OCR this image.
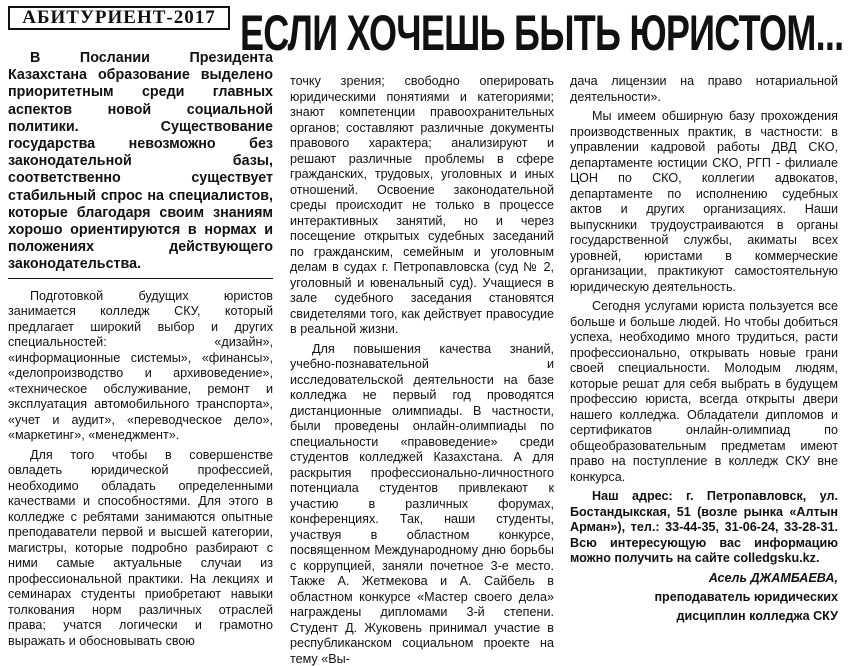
АБИТУРИЕНТ-2017 ЕСЛИ ХОЧЕШЬ БЫТЬ ЮРИСТОМ...

В Послании Президента Казахстана образование выделено приоритетным среди главных аспектов новой социальной политики. Существование государства невозможно без законодательной базы, соответственно существует стабильный спрос на специалистов, которые благодаря своим знаниям хорошо ориентируются в нормах и положениях действующего законодательства.

Подготовкой будущих юристов занимается колледж СКУ, который предлагает широкий выбор и других специальностей: «дизайн», «информационные системы», «финансы», «делопроизводство и архивоведение», «техническое обслуживание, ремонт и эксплуатация автомобильного транспорта», «учет и аудит», «переводческое дело», «маркетинг», «менеджмент».

Для того чтобы в совершенстве овладеть юридической профессией, необходимо обладать определенными качествами и способностями. Для этого в колледже с ребятами занимаются опытные преподаватели первой и высшей категории, магистры, которые подробно разбирают с ними самые актуальные случаи из профессиональной практики. На лекциях и семинарах студенты приобретают навыки толкования норм различных отраслей права; учатся логически и грамотно выражать и обосновывать свою

точку зрения; свободно оперировать юридическими понятиями и категориями; знают компетенции правоохранительных органов; составляют различные документы правового характера; анализируют и решают различные проблемы в сфере гражданских, трудовых, уголовных и иных отношений. Освоение законодательной среды происходит не только в процессе интерактивных занятий, но и через посещение открытых судебных заседаний по гражданским, семейным и уголовным делам в судах г. Петропавловска (суд № 2, уголовный и ювенальный суд). Учащиеся в зале судебного заседания становятся свидетелями того, как действует правосудие в реальной жизни.

Для повышения качества знаний, учебно-познавательной и исследовательской деятельности на базе колледжа не первый год проводятся дистанционные олимпиады. В частности, были проведены онлайн-олимпиады по специальности «правоведение» среди студентов колледжей Казахстана. А для раскрытия профессионально-личностного потенциала студентов привлекают к участию в различных форумах, конференциях. Так, наши студенты, участвуя в областном конкурсе, посвященном Международному дню борьбы с коррупцией, заняли почетное 3-е место. Также А. Жетмекова и А. Сайбель в областном конкурсе «Мастер своего дела» награждены дипломами 3-й степени. Студент Д. Жуковень принимал участие в республиканском социальном проекте на тему «Вы-

дача лицензии на право нотариальной деятельности».

Мы имеем обширную базу прохождения производственных практик, в частности: в управлении кадровой работы ДВД СКО, департаменте юстиции СКО, РГП - филиале ЦОН по СКО, коллегии адвокатов, департаменте по исполнению судебных актов и других организациях. Наши выпускники трудоустраиваются в органы государственной службы, акиматы всех уровней, юристами в коммерческие организации, практикуют самостоятельную юридическую деятельность.

Сегодня услугами юриста пользуется все больше и больше людей. Но чтобы добиться успеха, необходимо много трудиться, расти профессионально, открывать новые грани своей специальности. Молодым людям, которые решат для себя выбрать в будущем профессию юриста, всегда открыты двери нашего колледжа. Обладатели дипломов и сертификатов онлайн-олимпиад по общеобразовательным предметам имеют право на поступление в колледж СКУ вне конкурса.

Наш адрес: г. Петропавловск, ул. Бостандыкская, 51 (возле рынка «Алтын Арман»), тел.: 33-44-35, 31-06-24, 33-28-31. Всю интересующую вас информацию можно получить на сайте colledgsku.kz.

Асель ДЖАМБАЕВА,

преподаватель юридических

дисциплин колледжа СКУ
